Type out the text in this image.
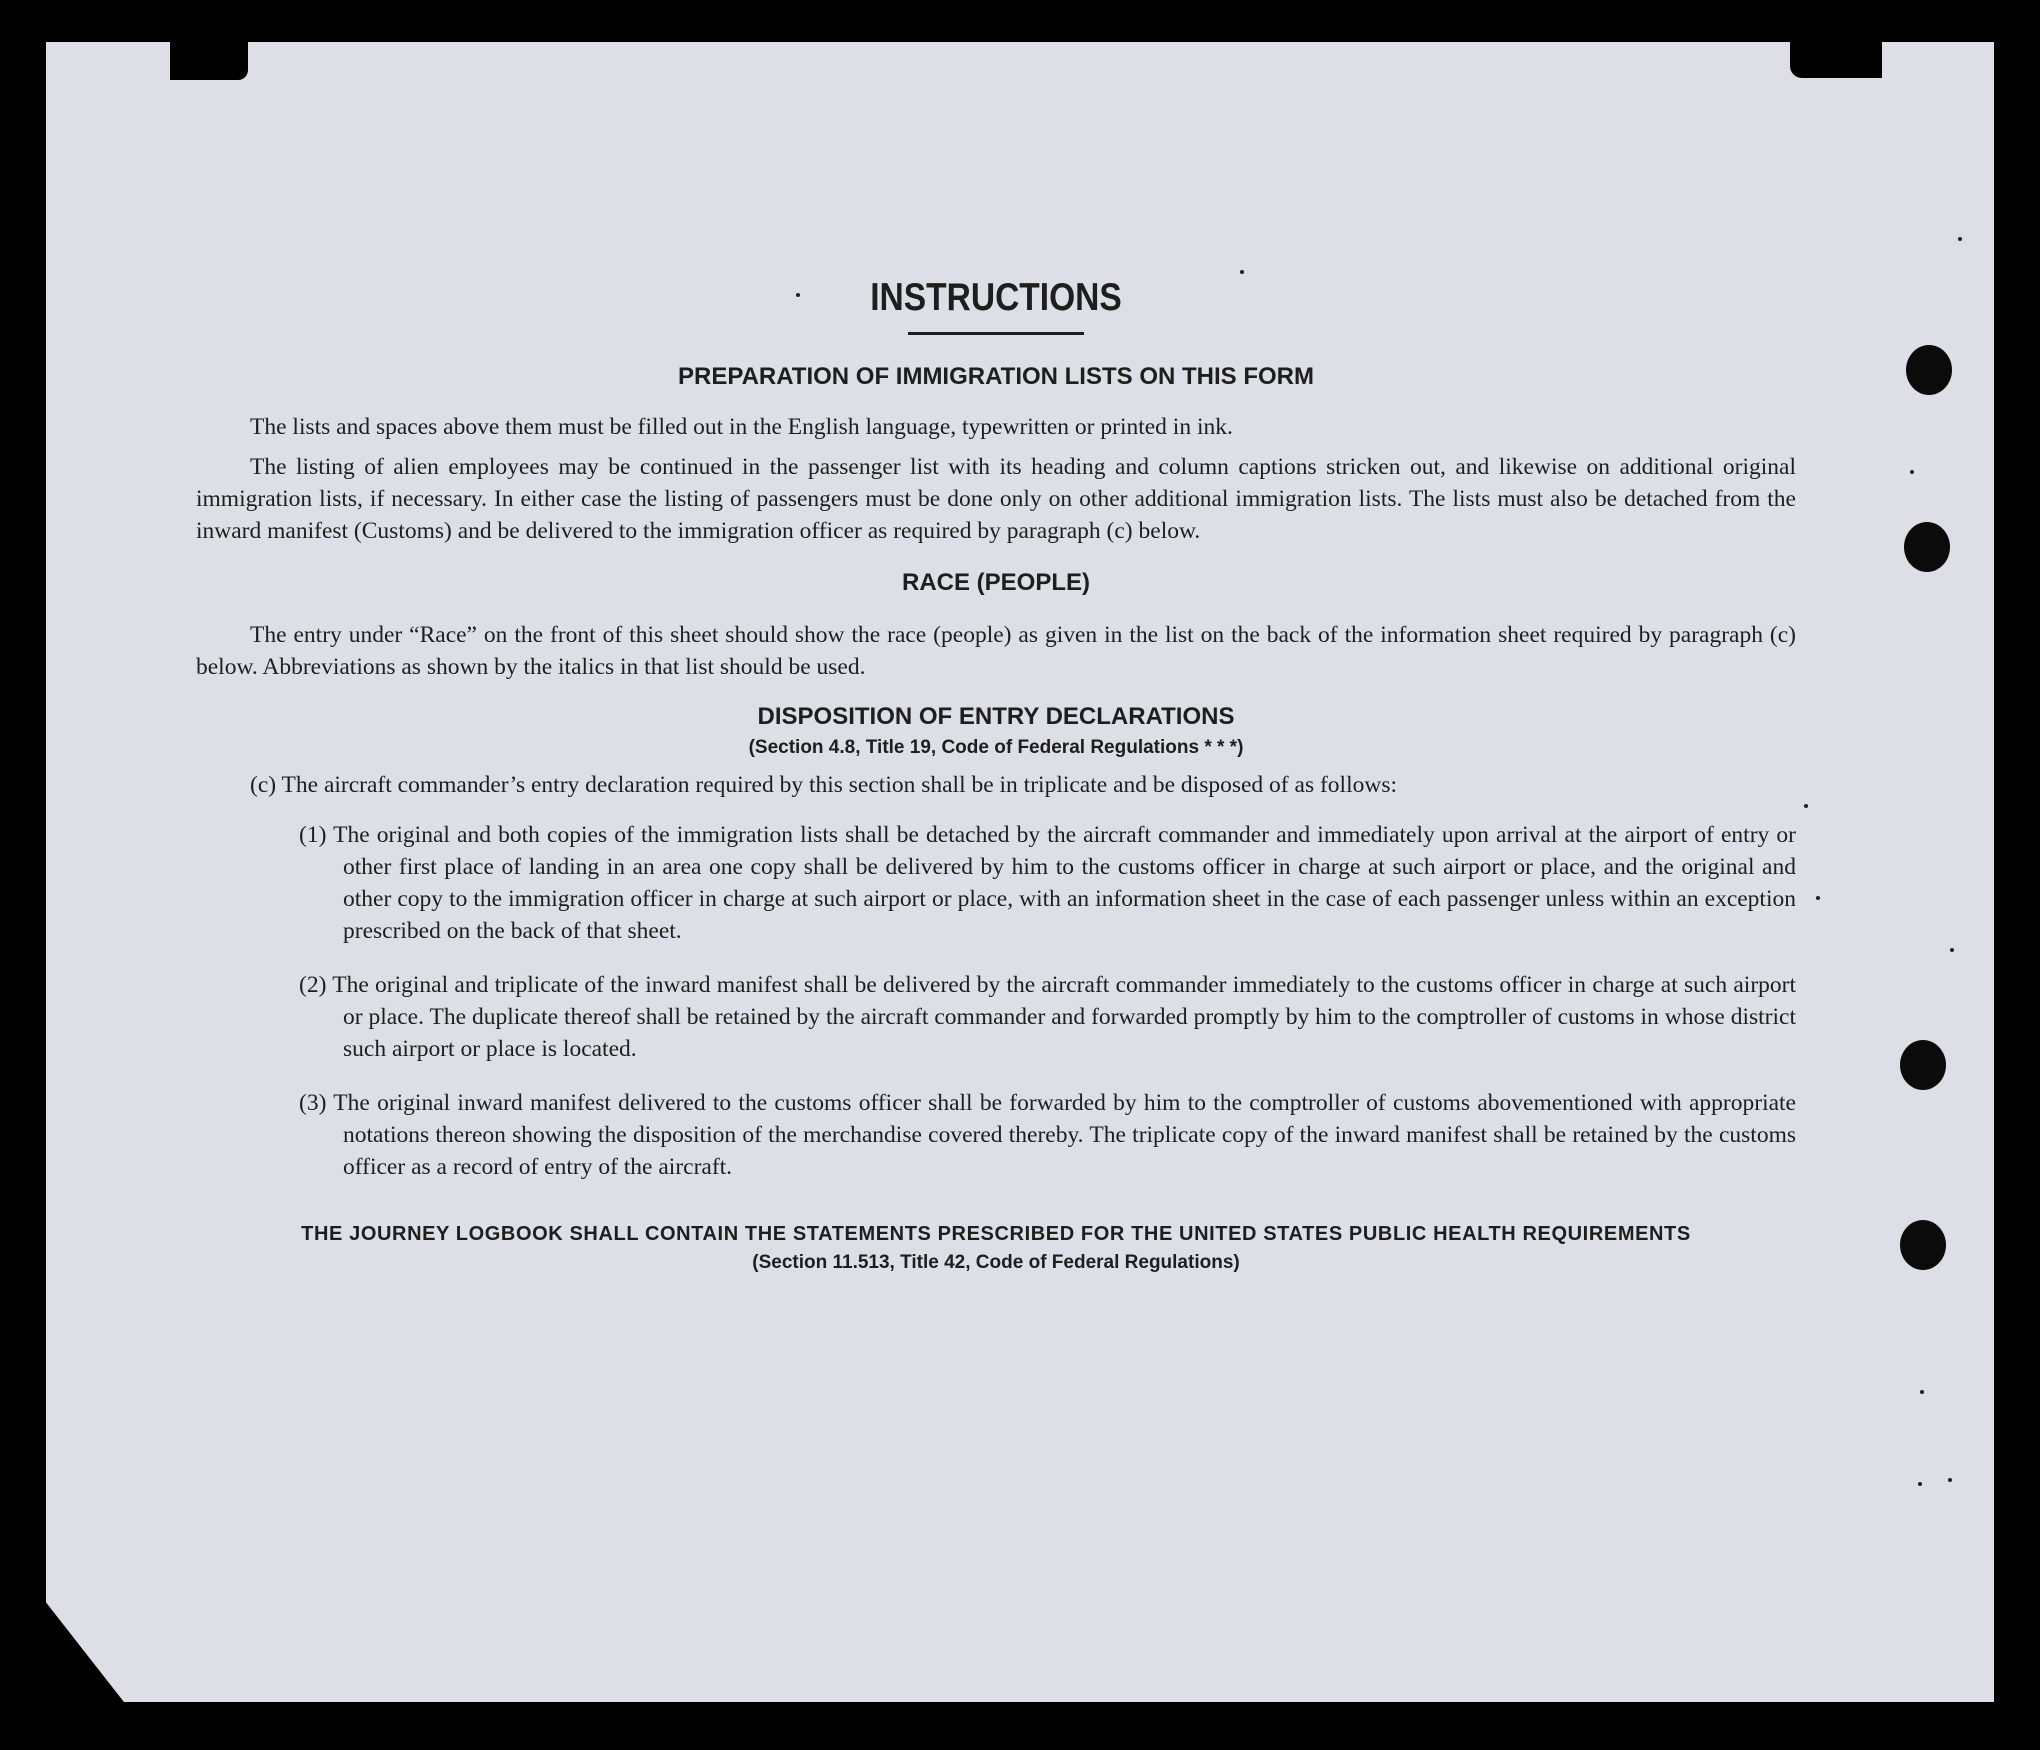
INSTRUCTIONS
PREPARATION OF IMMIGRATION LISTS ON THIS FORM

The lists and spaces above them must be filled out in the English language, typewritten or printed in ink.

The listing of alien employees may be continued in the passenger list with its heading and column captions stricken out, and likewise on additional original immigration lists, if necessary. In either case the listing of passengers must be done only on other additional immigration lists. The lists must also be detached from the inward manifest (Customs) and be delivered to the immigration officer as required by paragraph (c) below.

RACE (PEOPLE)

The entry under “Race” on the front of this sheet should show the race (people) as given in the list on the back of the information sheet required by paragraph (c) below. Abbreviations as shown by the italics in that list should be used.

DISPOSITION OF ENTRY DECLARATIONS
(Section 4.8, Title 19, Code of Federal Regulations * * *)

(c) The aircraft commander’s entry declaration required by this section shall be in triplicate and be disposed of as follows:

(1) The original and both copies of the immigration lists shall be detached by the aircraft commander and immediately upon arrival at the airport of entry or other first place of landing in an area one copy shall be delivered by him to the customs officer in charge at such airport or place, and the original and other copy to the immigration officer in charge at such airport or place, with an information sheet in the case of each passenger unless within an exception prescribed on the back of that sheet.

(2) The original and triplicate of the inward manifest shall be delivered by the aircraft commander immediately to the customs officer in charge at such airport or place. The duplicate thereof shall be retained by the aircraft commander and forwarded promptly by him to the comptroller of customs in whose district such airport or place is located.

(3) The original inward manifest delivered to the customs officer shall be forwarded by him to the comptroller of customs abovementioned with appropriate notations thereon showing the disposition of the merchandise covered thereby. The triplicate copy of the inward manifest shall be retained by the customs officer as a record of entry of the aircraft.

THE JOURNEY LOGBOOK SHALL CONTAIN THE STATEMENTS PRESCRIBED FOR THE UNITED STATES PUBLIC HEALTH REQUIREMENTS
(Section 11.513, Title 42, Code of Federal Regulations)
